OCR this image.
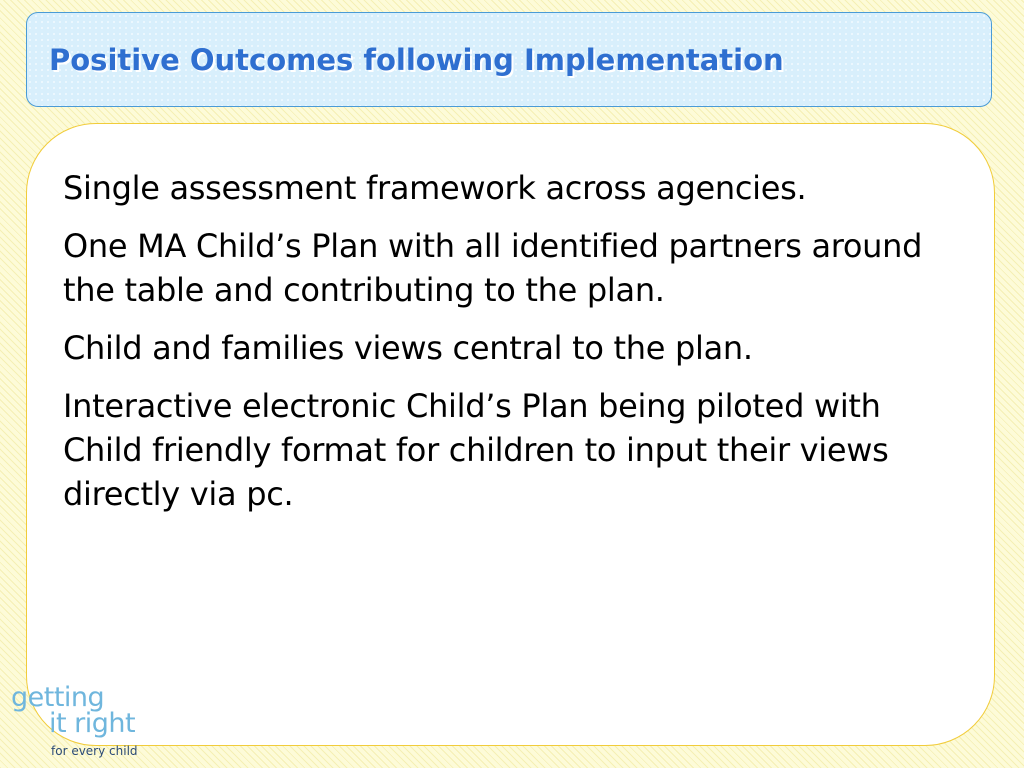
Positive Outcomes following Implementation
Single assessment framework across agencies.
One MA Child’s Plan with all identified partners around the table and contributing to the plan.
Child and families views central to the plan.
Interactive electronic Child’s Plan being piloted with Child friendly format for children to input their views directly via pc.
getting
it right
for every child
